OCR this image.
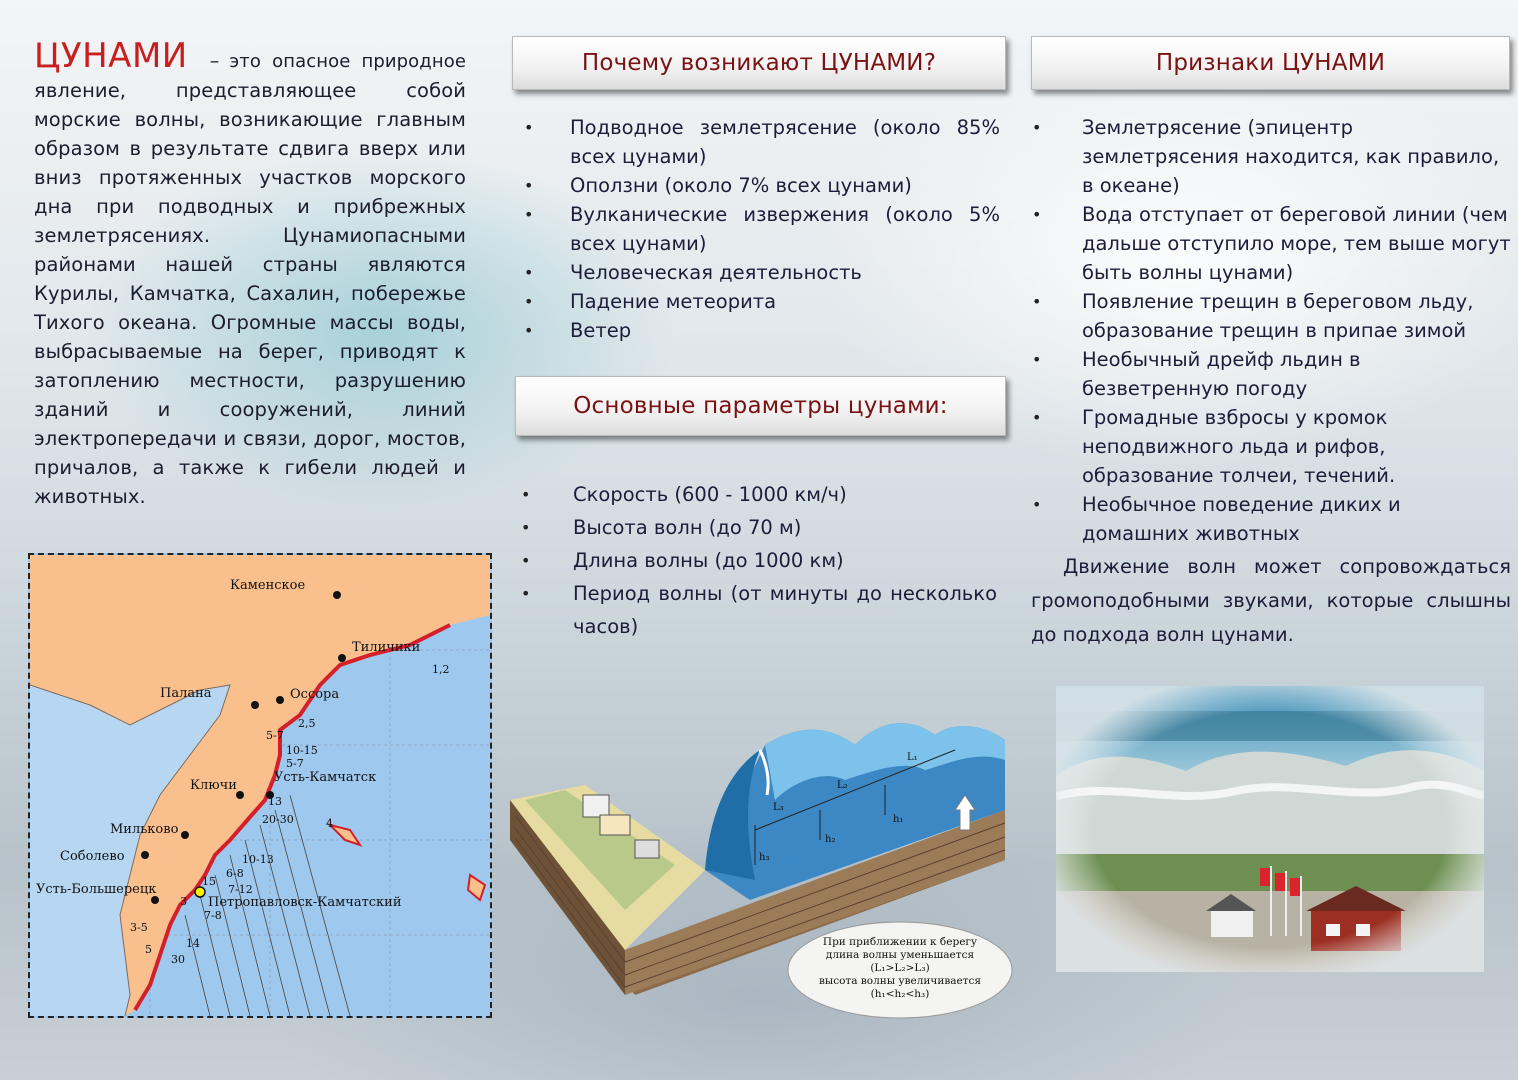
ЦУНАМИ – это опасное природное явление, представляющее собой морские волны, возникающие главным образом в результате сдвига вверх или вниз протяженных участков морского дна при подводных и прибрежных землетрясениях. Цунамиопасными районами нашей страны являются Курилы, Камчатка, Сахалин, побережье Тихого океана. Огромные массы воды, выбрасываемые на берег, приводят к затоплению местности, разрушению зданий и сооружений, линий электропередачи и связи, дорог, мостов, причалов, а также к гибели людей и животных.
Почему возникают ЦУНАМИ?
• Подводное землетрясение (около 85% всех цунами)
• Оползни (около 7% всех цунами)
• Вулканические извержения (около 5% всех цунами)
• Человеческая деятельность
• Падение метеорита
• Ветер
Основные параметры цунами:
• Скорость (600 - 1000 км/ч)
• Высота волн (до 70 м)
• Длина волны (до 1000 км)
• Период волны (от минуты до несколько часов)
Признаки ЦУНАМИ
• Землетрясение (эпицентр землетрясения находится, как правило, в океане)
• Вода отступает от береговой линии (чем дальше отступило море, тем выше могут быть волны цунами)
• Появление трещин в береговом льду, образование трещин в припае зимой
• Необычный дрейф льдин в безветренную погоду
• Громадные взбросы у кромок неподвижного льда и рифов, образование толчеи, течений.
• Необычное поведение диких и домашних животных
Движение волн может сопровождаться громоподобными звуками, которые слышны до подхода волн цунами.
Каменское
Тиличики
Палана	Оссора
Ключи
Усть-Камчатск
Мильково
Соболево
Усть-Большерецк
Петропавловск-Камчатский
1,2
2,5
5-7
10-15
5-7
13
20-30	4
10-13
15
6-8
7-12
7-8
3
3-5
5	14
30
L₁
L₂
L₃
h₁
h₂
h₃
При приближении к берегу
длина волны уменьшается
(L₁>L₂>L₃)
высота волны увеличивается
(h₁<h₂<h₃)
